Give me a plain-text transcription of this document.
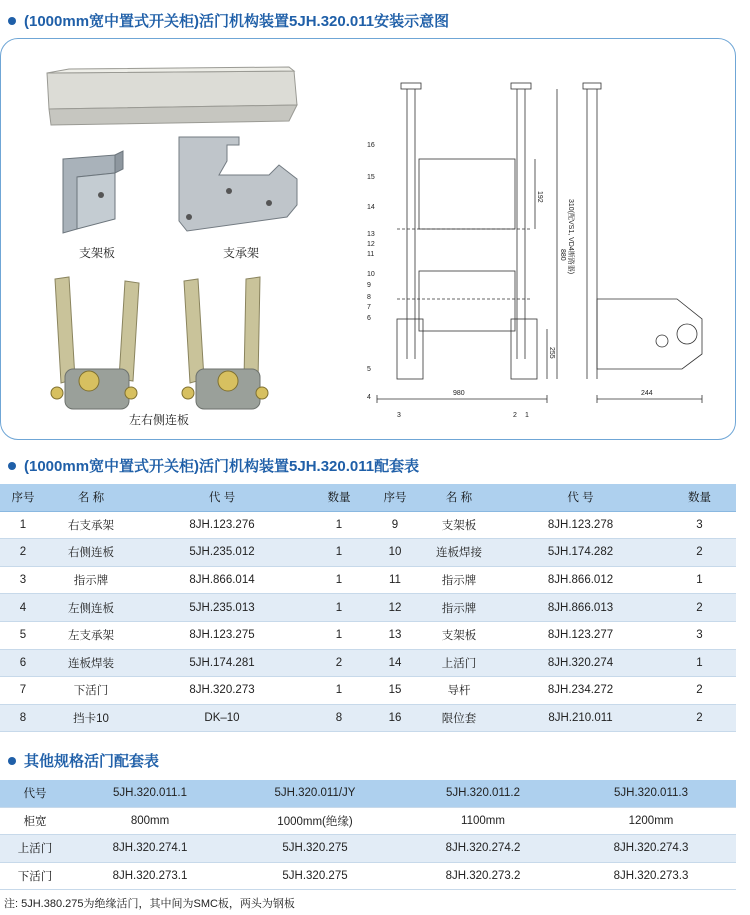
(1000mm宽中置式开关柜)活门机构装置5JH.320.011安装示意图
支架板	支承架
左右侧连板
16
15
14
13
12
11
10
9
8
7
6
5
4
3	2 1
980
880
192
255
310(配VS1, VD4断路器)
244
(1000mm宽中置式开关柜)活门机构装置5JH.320.011配套表
序号	名 称	代 号	数量	序号	名 称	代 号	数量
1	右支承架	8JH.123.276	1	9	支架板	8JH.123.278	3
2	右侧连板	5JH.235.012	1	10	连板焊接	5JH.174.282	2
3	指示牌	8JH.866.014	1	11	指示牌	8JH.866.012	1
4	左侧连板	5JH.235.013	1	12	指示牌	8JH.866.013	2
5	左支承架	8JH.123.275	1	13	支架板	8JH.123.277	3
6	连板焊装	5JH.174.281	2	14	上活门	8JH.320.274	1
7	下活门	8JH.320.273	1	15	导杆	8JH.234.272	2
8	挡卡10	DK–10	8	16	限位套	8JH.210.011	2
其他规格活门配套表
代号	5JH.320.011.1	5JH.320.011/JY	5JH.320.011.2	5JH.320.011.3
柜宽	800mm	1000mm(绝缘)	1100mm	1200mm
上活门	8JH.320.274.1	5JH.320.275	8JH.320.274.2	8JH.320.274.3
下活门	8JH.320.273.1	5JH.320.275	8JH.320.273.2	8JH.320.273.3
注: 5JH.380.275为绝缘活门，其中间为SMC板，两头为钢板
